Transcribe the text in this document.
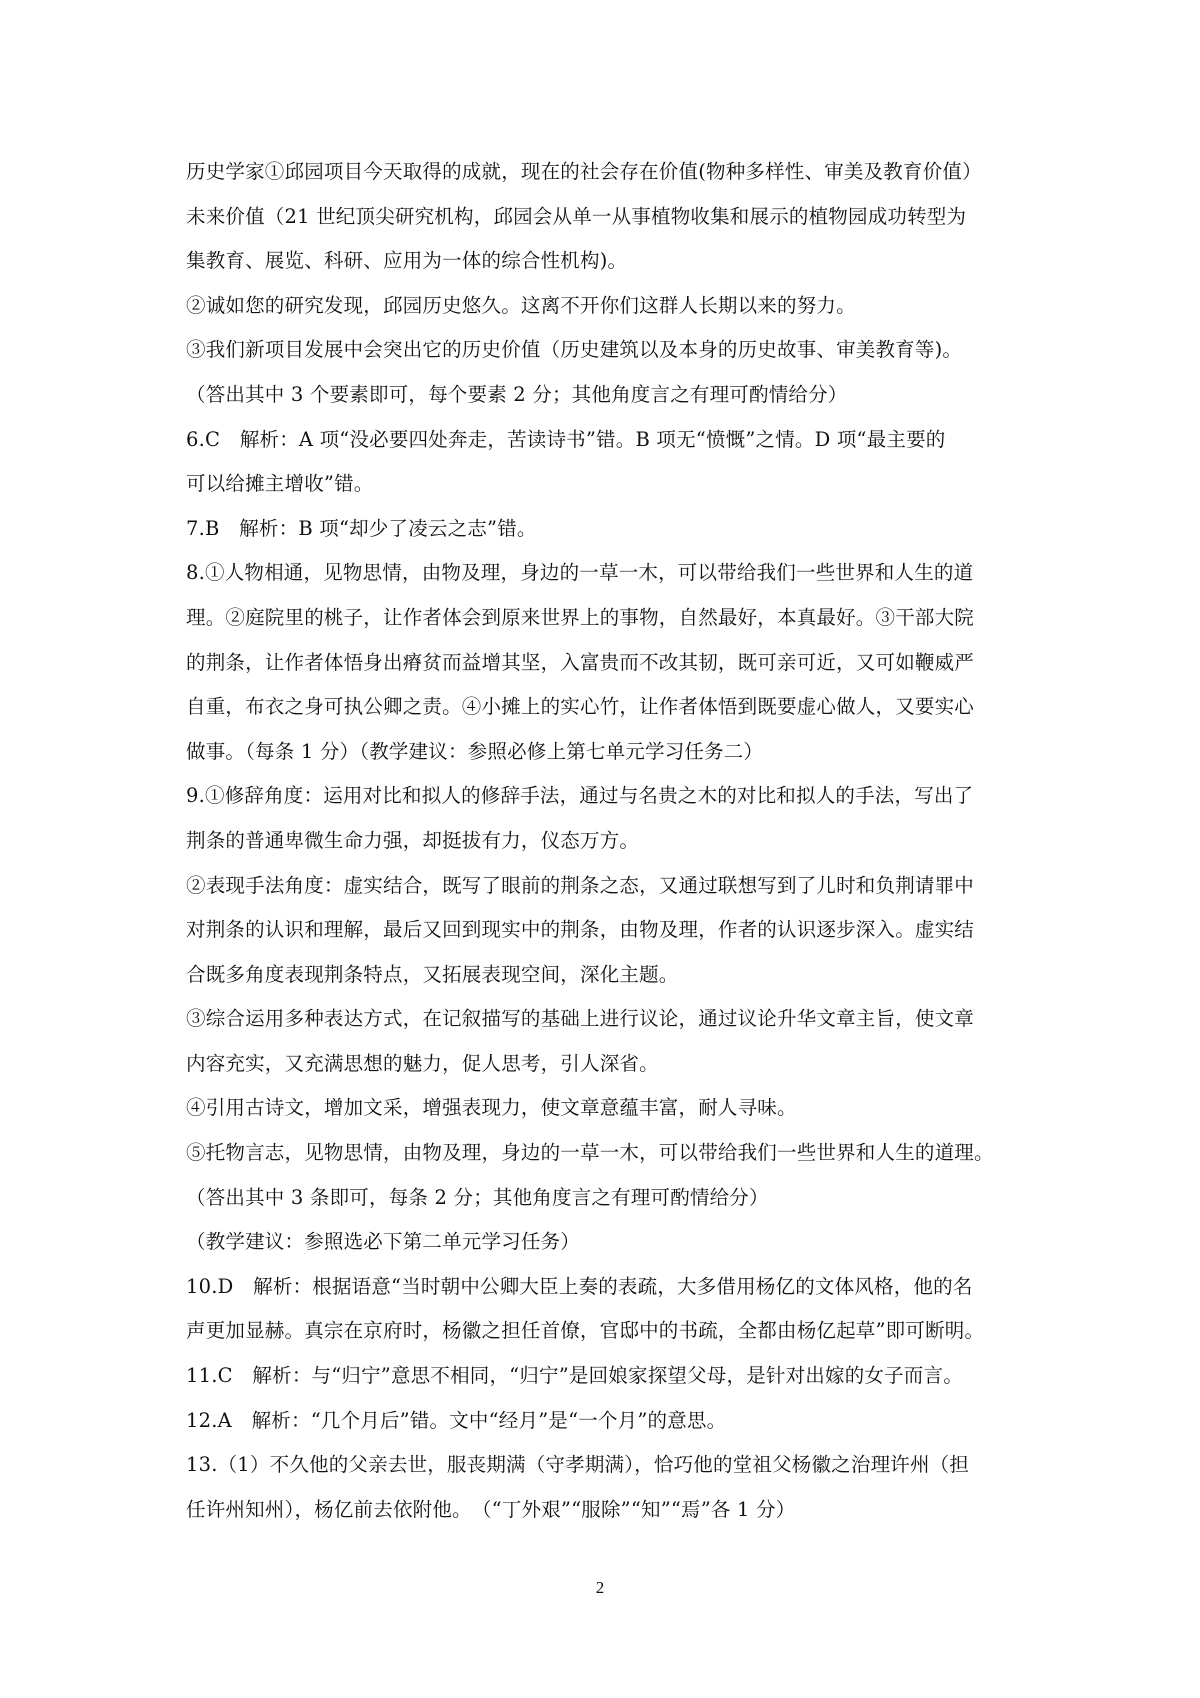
历史学家①邱园项目今天取得的成就，现在的社会存在价值(物种多样性、审美及教育价值）
未来价值（21 世纪顶尖研究机构，邱园会从单一从事植物收集和展示的植物园成功转型为
集教育、展览、科研、应用为一体的综合性机构)。
②诚如您的研究发现，邱园历史悠久。这离不开你们这群人长期以来的努力。
③我们新项目发展中会突出它的历史价值（历史建筑以及本身的历史故事、审美教育等)。
（答出其中 3 个要素即可，每个要素 2 分；其他角度言之有理可酌情给分）
6.C　解析：A 项“没必要四处奔走，苦读诗书”错。B 项无“愤慨”之情。D 项“最主要的
可以给摊主增收”错。
7.B　解析：B 项“却少了凌云之志”错。
8.①人物相通，见物思情，由物及理，身边的一草一木，可以带给我们一些世界和人生的道
理。②庭院里的桃子，让作者体会到原来世界上的事物，自然最好，本真最好。③干部大院
的荆条，让作者体悟身出瘠贫而益增其坚，入富贵而不改其韧，既可亲可近，又可如鞭威严
自重，布衣之身可执公卿之责。④小摊上的实心竹，让作者体悟到既要虚心做人，又要实心
做事。（每条 1 分）（教学建议：参照必修上第七单元学习任务二）
9.①修辞角度：运用对比和拟人的修辞手法，通过与名贵之木的对比和拟人的手法，写出了
荆条的普通卑微生命力强，却挺拔有力，仪态万方。
②表现手法角度：虚实结合，既写了眼前的荆条之态，又通过联想写到了儿时和负荆请罪中
对荆条的认识和理解，最后又回到现实中的荆条，由物及理，作者的认识逐步深入。虚实结
合既多角度表现荆条特点，又拓展表现空间，深化主题。
③综合运用多种表达方式，在记叙描写的基础上进行议论，通过议论升华文章主旨，使文章
内容充实，又充满思想的魅力，促人思考，引人深省。
④引用古诗文，增加文采，增强表现力，使文章意蕴丰富，耐人寻味。
⑤托物言志，见物思情，由物及理，身边的一草一木，可以带给我们一些世界和人生的道理。
（答出其中 3 条即可，每条 2 分；其他角度言之有理可酌情给分）
（教学建议：参照选必下第二单元学习任务）
10.D　解析：根据语意“当时朝中公卿大臣上奏的表疏，大多借用杨亿的文体风格，他的名
声更加显赫。真宗在京府时，杨徽之担任首僚，官邸中的书疏，全都由杨亿起草”即可断明。
11.C　解析：与“归宁”意思不相同，“归宁”是回娘家探望父母，是针对出嫁的女子而言。
12.A　解析：“几个月后”错。文中“经月”是“一个月”的意思。
13.（1）不久他的父亲去世，服丧期满（守孝期满），恰巧他的堂祖父杨徽之治理许州（担
任许州知州），杨亿前去依附他。　（“丁外艰”“服除”“知”“焉”各 1 分）
2
